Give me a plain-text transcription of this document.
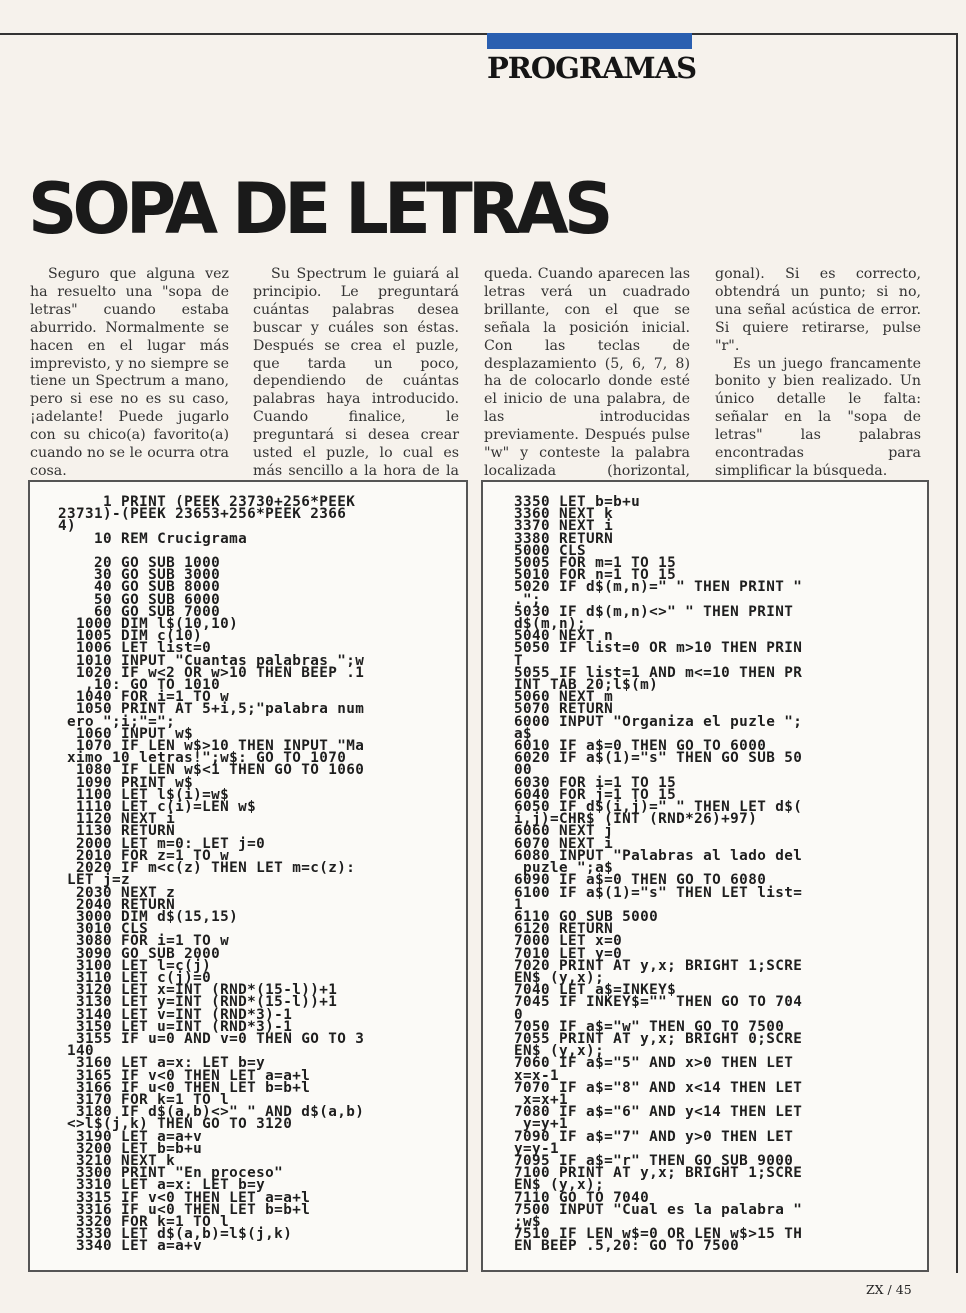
PROGRAMAS
SOPA DE LETRAS

Seguro que alguna vez ha resuelto una "sopa de letras" cuando estaba aburrido. Normalmente se hacen en el lugar más imprevisto, y no siempre se tiene un Spectrum a mano, pero si ese no es su caso, ¡adelante! Puede jugarlo con su chico(a) favorito(a) cuando no se le ocurra otra cosa.

Su Spectrum le guiará al principio. Le preguntará cuántas palabras desea buscar y cuáles son éstas. Después se crea el puzle, que tarda un poco, dependiendo de cuántas palabras haya introducido. Cuando finalice, le preguntará si desea crear usted el puzle, lo cual es más sencillo a la hora de la

queda. Cuando aparecen las letras verá un cuadrado brillante, con el que se señala la posición inicial. Con las teclas de desplazamiento (5, 6, 7, 8) ha de colocarlo donde esté el inicio de una palabra, de las introducidas previamente. Después pulse "w" y conteste la palabra localizada (horizontal,

gonal). Si es correcto, obtendrá un punto; si no, una señal acústica de error. Si quiere retirarse, pulse "r".

Es un juego francamente bonito y bien realizado. Un único detalle le falta: señalar en la "sopa de letras" las palabras encontradas para simplificar la búsqueda.

1 PRINT (PEEK 23730+256*PEEK
23731)-(PEEK 23653+256*PEEK 2366
4)
10 REM Crucigrama

20 GO SUB 1000
30 GO SUB 3000
40 GO SUB 8000
50 GO SUB 6000
60 GO SUB 7000
1000 DIM l$(10,10)
1005 DIM c(10)
1006 LET list=0
1010 INPUT "Cuantas palabras ";w
1020 IF w<2 OR w>10 THEN BEEP .1
,10: GO TO 1010
1040 FOR i=1 TO w
1050 PRINT AT 5+i,5;"palabra num
ero ";i;"=";
1060 INPUT w$
1070 IF LEN w$>10 THEN INPUT "Ma
ximo 10 letras!";w$: GO TO 1070
1080 IF LEN w$<1 THEN GO TO 1060
1090 PRINT w$
1100 LET l$(i)=w$
1110 LET c(i)=LEN w$
1120 NEXT i
1130 RETURN
2000 LET m=0: LET j=0
2010 FOR z=1 TO w
2020 IF m<c(z) THEN LET m=c(z):
LET j=z
2030 NEXT z
2040 RETURN
3000 DIM d$(15,15)
3010 CLS
3080 FOR i=1 TO w
3090 GO SUB 2000
3100 LET l=c(j)
3110 LET c(j)=0
3120 LET x=INT (RND*(15-l))+1
3130 LET y=INT (RND*(15-l))+1
3140 LET v=INT (RND*3)-1
3150 LET u=INT (RND*3)-1
3155 IF u=0 AND v=0 THEN GO TO 3
140
3160 LET a=x: LET b=y
3165 IF v<0 THEN LET a=a+l
3166 IF u<0 THEN LET b=b+l
3170 FOR k=1 TO l
3180 IF d$(a,b)<>" " AND d$(a,b)
<>l$(j,k) THEN GO TO 3120
3190 LET a=a+v
3200 LET b=b+u
3210 NEXT k
3300 PRINT "En proceso"
3310 LET a=x: LET b=y
3315 IF v<0 THEN LET a=a+l
3316 IF u<0 THEN LET b=b+l
3320 FOR k=1 TO l
3330 LET d$(a,b)=l$(j,k)
3340 LET a=a+v
3350 LET b=b+u
3360 NEXT k
3370 NEXT i
3380 RETURN
5000 CLS
5005 FOR m=1 TO 15
5010 FOR n=1 TO 15
5020 IF d$(m,n)=" " THEN PRINT "
.";
5030 IF d$(m,n)<>" " THEN PRINT
d$(m,n);
5040 NEXT n
5050 IF list=0 OR m>10 THEN PRIN
T
5055 IF list=1 AND m<=10 THEN PR
INT TAB 20;l$(m)
5060 NEXT m
5070 RETURN
6000 INPUT "Organiza el puzle ";
a$
6010 IF a$=0 THEN GO TO 6000
6020 IF a$(1)="s" THEN GO SUB 50
00
6030 FOR i=1 TO 15
6040 FOR j=1 TO 15
6050 IF d$(i,j)=" " THEN LET d$(
i,j)=CHR$ (INT (RND*26)+97)
6060 NEXT j
6070 NEXT i
6080 INPUT "Palabras al lado del
puzle ";a$
6090 IF a$=0 THEN GO TO 6080
6100 IF a$(1)="s" THEN LET list=
1
6110 GO SUB 5000
6120 RETURN
7000 LET x=0
7010 LET y=0
7020 PRINT AT y,x; BRIGHT 1;SCRE
EN$ (y,x);
7040 LET a$=INKEY$
7045 IF INKEY$="" THEN GO TO 704
0
7050 IF a$="w" THEN GO TO 7500
7055 PRINT AT y,x; BRIGHT 0;SCRE
EN$ (y,x);
7060 IF a$="5" AND x>0 THEN LET
x=x-1
7070 IF a$="8" AND x<14 THEN LET
x=x+1
7080 IF a$="6" AND y<14 THEN LET
y=y+1
7090 IF a$="7" AND y>0 THEN LET
y=y-1
7095 IF a$="r" THEN GO SUB 9000
7100 PRINT AT y,x; BRIGHT 1;SCRE
EN$ (y,x);
7110 GO TO 7040
7500 INPUT "Cual es la palabra "
;w$
7510 IF LEN w$=0 OR LEN w$>15 TH
EN BEEP .5,20: GO TO 7500
ZX / 45
